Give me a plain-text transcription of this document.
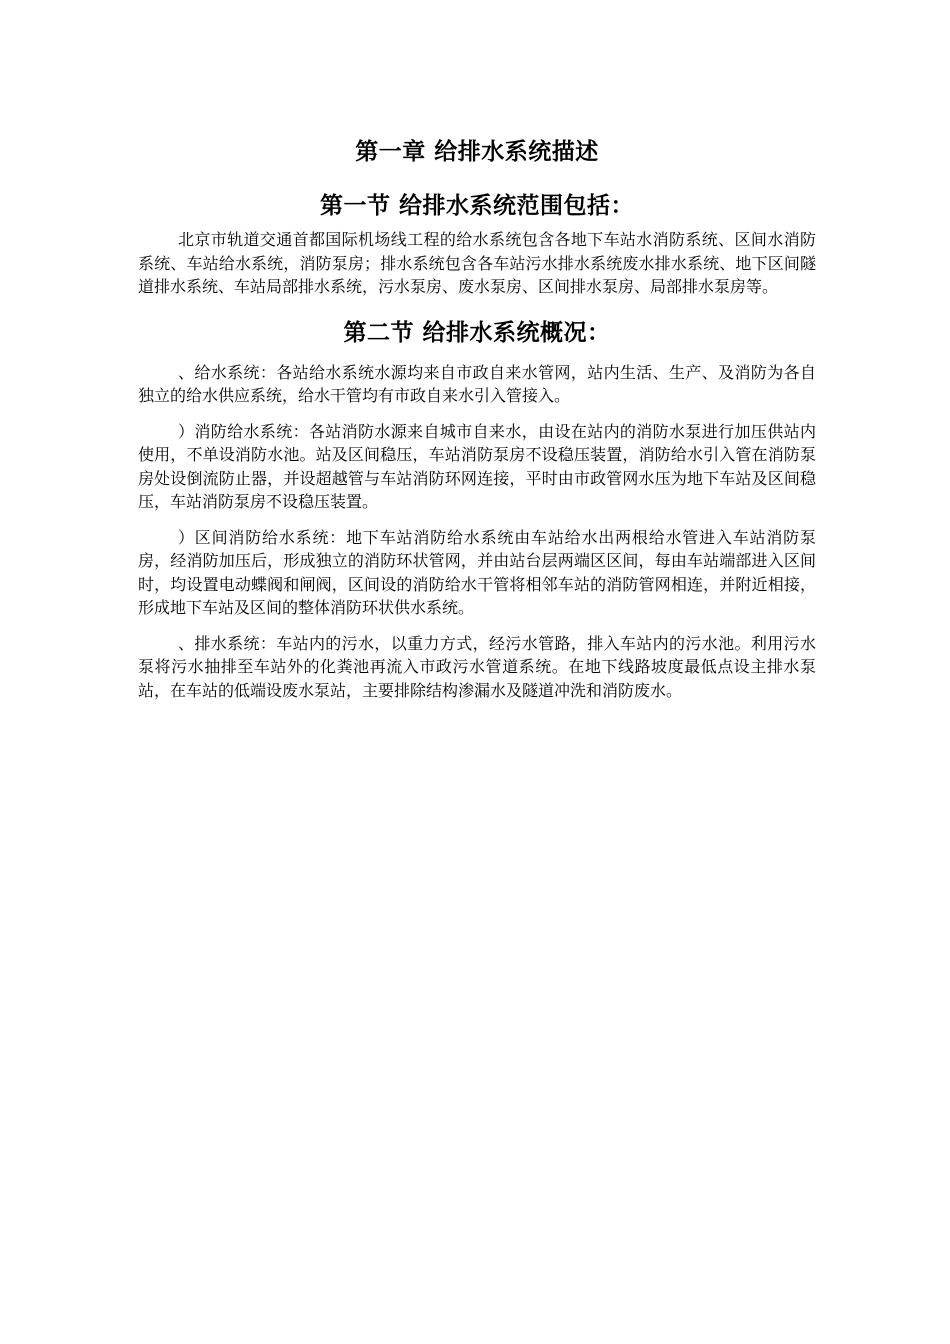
第一章 给排水系统描述
第一节 给排水系统范围包括：

北京市轨道交通首都国际机场线工程的给水系统包含各地下车站水消防系统、区间水消防系统、车站给水系统，消防泵房；排水系统包含各车站污水排水系统废水排水系统、地下区间隧道排水系统、车站局部排水系统，污水泵房、废水泵房、区间排水泵房、局部排水泵房等。

第二节 给排水系统概况：

、给水系统：各站给水系统水源均来自市政自来水管网，站内生活、生产、及消防为各自独立的给水供应系统，给水干管均有市政自来水引入管接入。

）消防给水系统：各站消防水源来自城市自来水，由设在站内的消防水泵进行加压供站内使用，不单设消防水池。站及区间稳压，车站消防泵房不设稳压装置，消防给水引入管在消防泵房处设倒流防止器，并设超越管与车站消防环网连接，平时由市政管网水压为地下车站及区间稳压，车站消防泵房不设稳压装置。

）区间消防给水系统：地下车站消防给水系统由车站给水出两根给水管进入车站消防泵房，经消防加压后，形成独立的消防环状管网，并由站台层两端区区间，每由车站端部进入区间时，均设置电动蝶阀和闸阀，区间设的消防给水干管将相邻车站的消防管网相连，并附近相接，形成地下车站及区间的整体消防环状供水系统。

、排水系统：车站内的污水，以重力方式，经污水管路，排入车站内的污水池。利用污水泵将污水抽排至车站外的化粪池再流入市政污水管道系统。在地下线路坡度最低点设主排水泵站，在车站的低端设废水泵站，主要排除结构渗漏水及隧道冲洗和消防废水。
